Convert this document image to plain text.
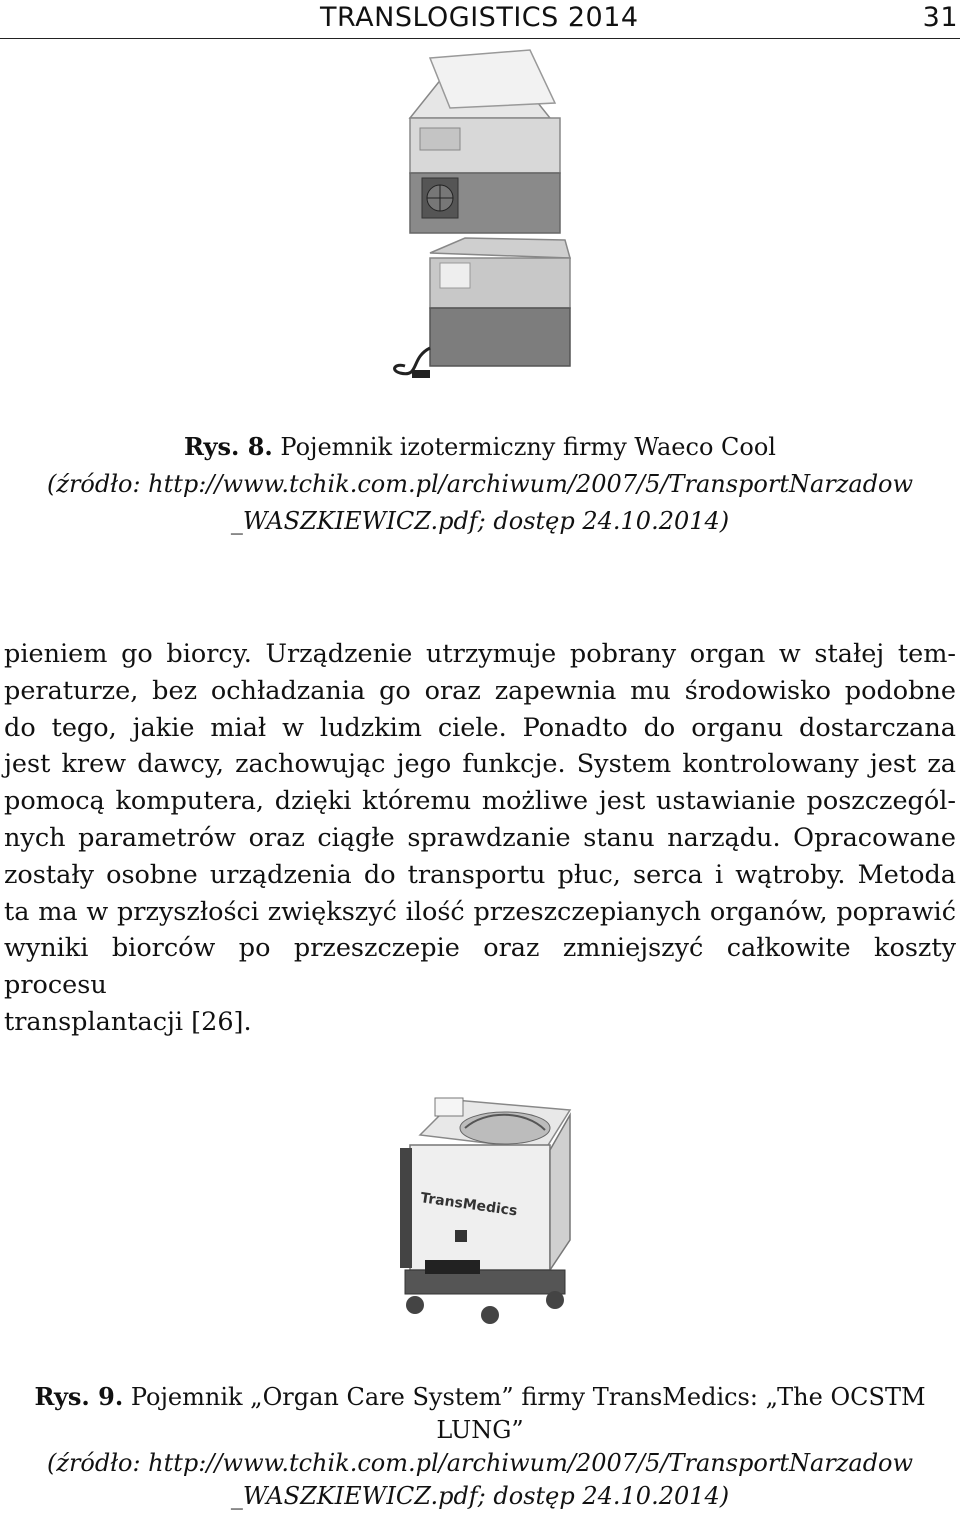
TRANSLOGISTICS 2014	31
Rys. 8. Pojemnik izotermiczny firmy Waeco Cool
(źródło: http://www.tchik.com.pl/archiwum/2007/5/TransportNarzadow
_WASZKIEWICZ.pdf; dostęp 24.10.2014)
pieniem go biorcy. Urządzenie utrzymuje pobrany organ w stałej tem-
peraturze, bez ochładzania go oraz zapewnia mu środowisko podobne
do tego, jakie miał w ludzkim ciele. Ponadto do organu dostarczana
jest krew dawcy, zachowując jego funkcje. System kontrolowany jest za
pomocą komputera, dzięki któremu możliwe jest ustawianie poszczegól-
nych parametrów oraz ciągłe sprawdzanie stanu narządu. Opracowane
zostały osobne urządzenia do transportu płuc, serca i wątroby. Metoda
ta ma w przyszłości zwiększyć ilość przeszczepianych organów, poprawić
wyniki biorców po przeszczepie oraz zmniejszyć całkowite koszty procesu
transplantacji [26].
TransMedics
Rys. 9. Pojemnik „Organ Care System” firmy TransMedics: „The OCSTM
LUNG”
(źródło: http://www.tchik.com.pl/archiwum/2007/5/TransportNarzadow
_WASZKIEWICZ.pdf; dostęp 24.10.2014)
